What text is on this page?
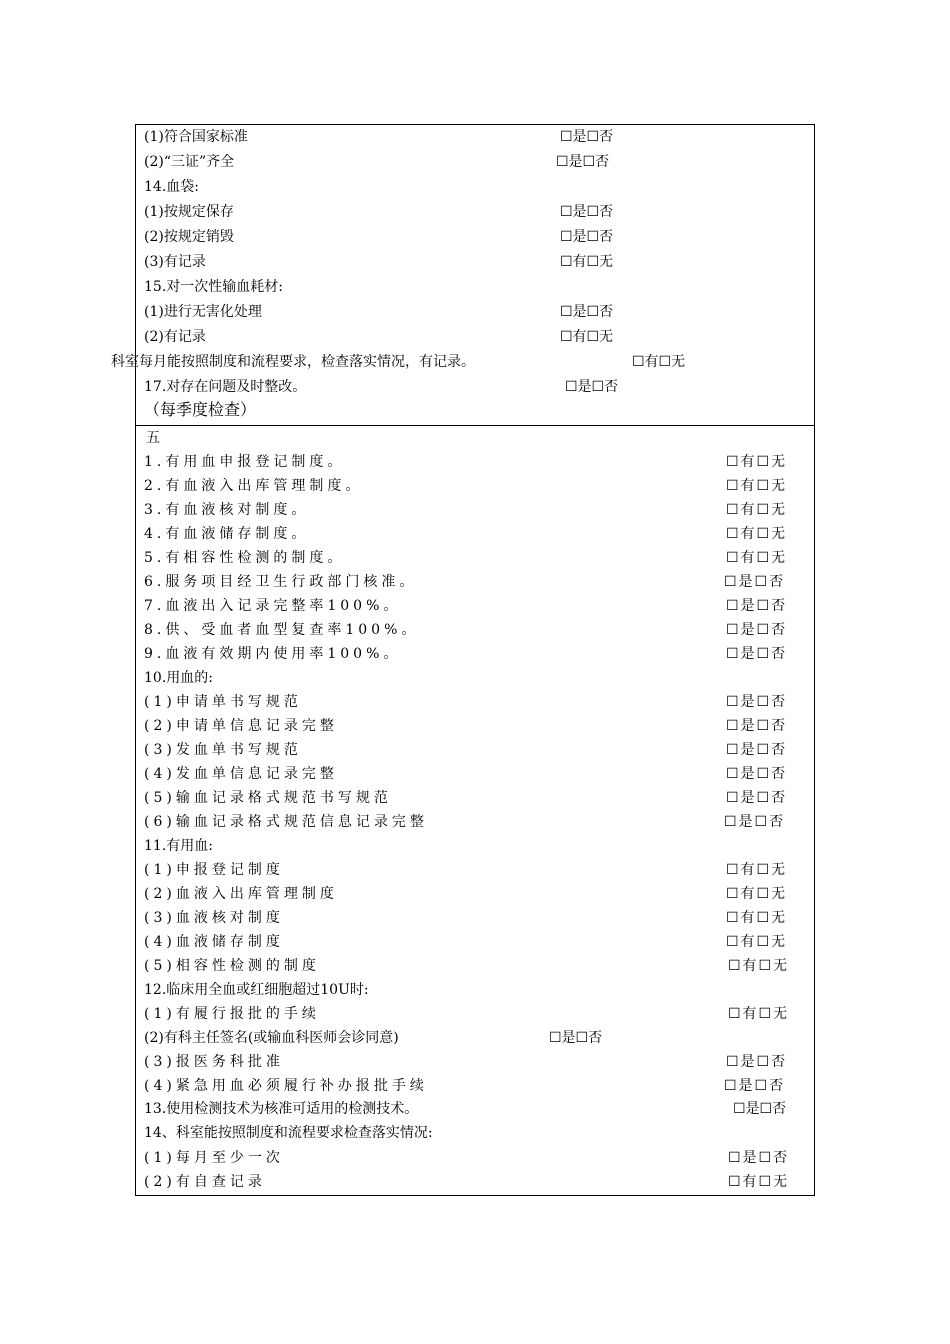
(1)符合国家标准	☐是☐否
(2)“三证”齐全	☐是☐否
14.血袋:
(1)按规定保存	☐是☐否
(2)按规定销毁	☐是☐否
(3)有记录	☐有☐无
15.对一次性输血耗材:
(1)进行无害化处理	☐是☐否
(2)有记录	☐有☐无
科室每月能按照制度和流程要求，检查落实情况，有记录。	☐有☐无
17.对存在问题及时整改。	☐是☐否
（每季度检查）
五
1.有用血申报登记制度。	☐有☐无
2.有血液入出库管理制度。	☐有☐无
3.有血液核对制度。	☐有☐无
4.有血液储存制度。	☐有☐无
5.有相容性检测的制度。	☐有☐无
6.服务项目经卫生行政部门核准。	☐是☐否
7.血液出入记录完整率100%。	☐是☐否
8.供、受血者血型复查率100%。	☐是☐否
9.血液有效期内使用率100%。	☐是☐否
10.用血的:
(1)申请单书写规范	☐是☐否
(2)申请单信息记录完整	☐是☐否
(3)发血单书写规范	☐是☐否
(4)发血单信息记录完整	☐是☐否
(5)输血记录格式规范书写规范	☐是☐否
(6)输血记录格式规范信息记录完整	☐是☐否
11.有用血:
(1)申报登记制度	☐有☐无
(2)血液入出库管理制度	☐有☐无
(3)血液核对制度	☐有☐无
(4)血液储存制度	☐有☐无
(5)相容性检测的制度	☐有☐无
12.临床用全血或红细胞超过10U时:
(1)有履行报批的手续	☐有☐无
(2)有科主任签名(或输血科医师会诊同意)	☐是☐否
(3)报医务科批准	☐是☐否
(4)紧急用血必须履行补办报批手续	☐是☐否
13.使用检测技术为核准可适用的检测技术。	☐是☐否
14、科室能按照制度和流程要求检查落实情况:
(1)每月至少一次	☐是☐否
(2)有自查记录	☐有☐无
